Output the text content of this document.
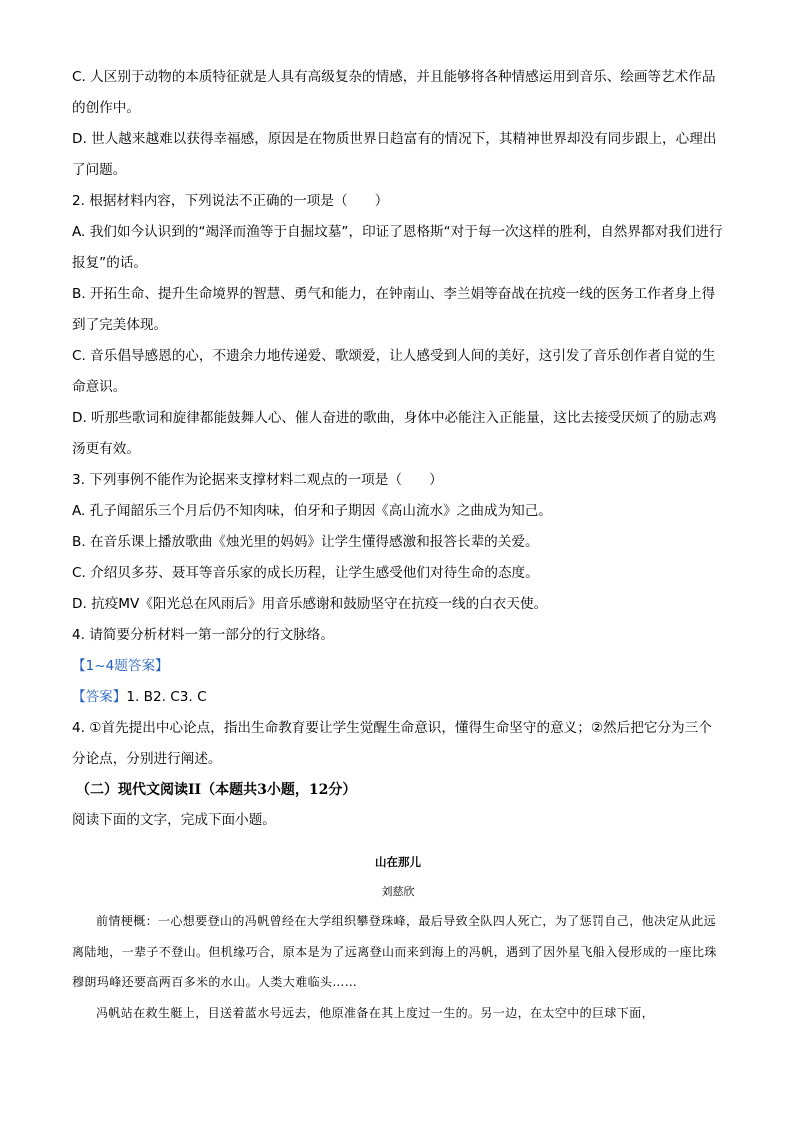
C. 人区别于动物的本质特征就是人具有高级复杂的情感，并且能够将各种情感运用到音乐、绘画等艺术作品的创作中。

D. 世人越来越难以获得幸福感，原因是在物质世界日趋富有的情况下，其精神世界却没有同步跟上，心理出了问题。

2. 根据材料内容，下列说法不正确的一项是（　　）

A. 我们如今认识到的“竭泽而渔等于自掘坟墓”，印证了恩格斯“对于每一次这样的胜利，自然界都对我们进行报复”的话。

B. 开拓生命、提升生命境界的智慧、勇气和能力，在钟南山、李兰娟等奋战在抗疫一线的医务工作者身上得到了完美体现。

C. 音乐倡导感恩的心，不遗余力地传递爱、歌颂爱，让人感受到人间的美好，这引发了音乐创作者自觉的生命意识。

D. 听那些歌词和旋律都能鼓舞人心、催人奋进的歌曲，身体中必能注入正能量，这比去接受厌烦了的励志鸡汤更有效。

3. 下列事例不能作为论据来支撑材料二观点的一项是（　　）

A. 孔子闻韶乐三个月后仍不知肉味，伯牙和子期因《高山流水》之曲成为知己。

B. 在音乐课上播放歌曲《烛光里的妈妈》让学生懂得感激和报答长辈的关爱。

C. 介绍贝多芬、聂耳等音乐家的成长历程，让学生感受他们对待生命的态度。

D. 抗疫MV《阳光总在风雨后》用音乐感谢和鼓励坚守在抗疫一线的白衣天使。

4. 请简要分析材料一第一部分的行文脉络。

【1~4题答案】

【答案】1. B2. C3. C

4. ①首先提出中心论点，指出生命教育要让学生觉醒生命意识，懂得生命坚守的意义；②然后把它分为三个分论点，分别进行阐述。

（二）现代文阅读II（本题共3小题，12分）

阅读下面的文字，完成下面小题。

山在那儿

刘慈欣

前情梗概：一心想要登山的冯帆曾经在大学组织攀登珠峰，最后导致全队四人死亡，为了惩罚自己，他决定从此远离陆地，一辈子不登山。但机缘巧合，原本是为了远离登山而来到海上的冯帆，遇到了因外星飞船入侵形成的一座比珠穆朗玛峰还要高两百多米的水山。人类大难临头……

冯帆站在救生艇上，目送着蓝水号远去，他原准备在其上度过一生的。另一边，在太空中的巨球下面，
